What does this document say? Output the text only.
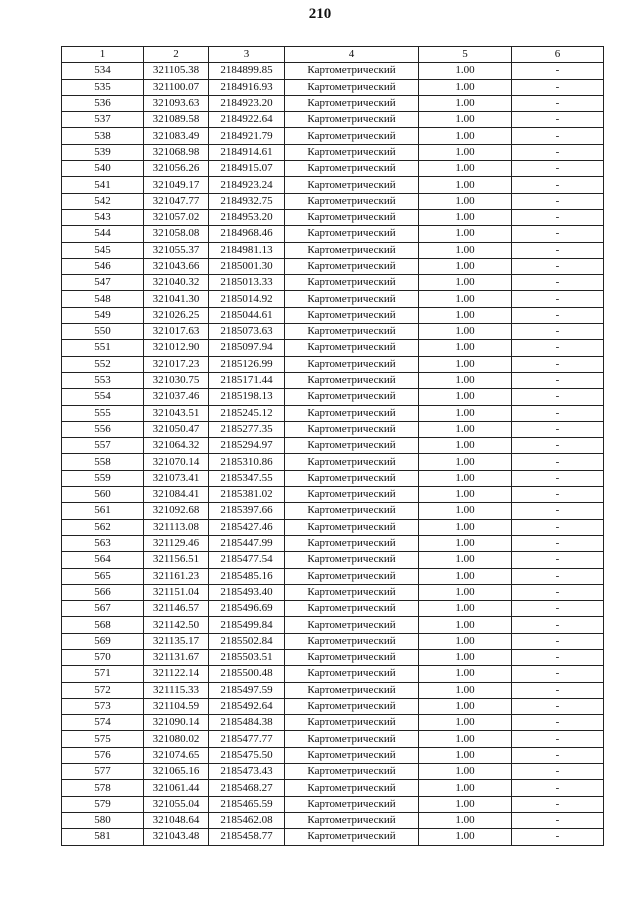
210
1	2	3	4	5	6
534	321105.38	2184899.85	Картометрический	1.00	-
535	321100.07	2184916.93	Картометрический	1.00	-
536	321093.63	2184923.20	Картометрический	1.00	-
537	321089.58	2184922.64	Картометрический	1.00	-
538	321083.49	2184921.79	Картометрический	1.00	-
539	321068.98	2184914.61	Картометрический	1.00	-
540	321056.26	2184915.07	Картометрический	1.00	-
541	321049.17	2184923.24	Картометрический	1.00	-
542	321047.77	2184932.75	Картометрический	1.00	-
543	321057.02	2184953.20	Картометрический	1.00	-
544	321058.08	2184968.46	Картометрический	1.00	-
545	321055.37	2184981.13	Картометрический	1.00	-
546	321043.66	2185001.30	Картометрический	1.00	-
547	321040.32	2185013.33	Картометрический	1.00	-
548	321041.30	2185014.92	Картометрический	1.00	-
549	321026.25	2185044.61	Картометрический	1.00	-
550	321017.63	2185073.63	Картометрический	1.00	-
551	321012.90	2185097.94	Картометрический	1.00	-
552	321017.23	2185126.99	Картометрический	1.00	-
553	321030.75	2185171.44	Картометрический	1.00	-
554	321037.46	2185198.13	Картометрический	1.00	-
555	321043.51	2185245.12	Картометрический	1.00	-
556	321050.47	2185277.35	Картометрический	1.00	-
557	321064.32	2185294.97	Картометрический	1.00	-
558	321070.14	2185310.86	Картометрический	1.00	-
559	321073.41	2185347.55	Картометрический	1.00	-
560	321084.41	2185381.02	Картометрический	1.00	-
561	321092.68	2185397.66	Картометрический	1.00	-
562	321113.08	2185427.46	Картометрический	1.00	-
563	321129.46	2185447.99	Картометрический	1.00	-
564	321156.51	2185477.54	Картометрический	1.00	-
565	321161.23	2185485.16	Картометрический	1.00	-
566	321151.04	2185493.40	Картометрический	1.00	-
567	321146.57	2185496.69	Картометрический	1.00	-
568	321142.50	2185499.84	Картометрический	1.00	-
569	321135.17	2185502.84	Картометрический	1.00	-
570	321131.67	2185503.51	Картометрический	1.00	-
571	321122.14	2185500.48	Картометрический	1.00	-
572	321115.33	2185497.59	Картометрический	1.00	-
573	321104.59	2185492.64	Картометрический	1.00	-
574	321090.14	2185484.38	Картометрический	1.00	-
575	321080.02	2185477.77	Картометрический	1.00	-
576	321074.65	2185475.50	Картометрический	1.00	-
577	321065.16	2185473.43	Картометрический	1.00	-
578	321061.44	2185468.27	Картометрический	1.00	-
579	321055.04	2185465.59	Картометрический	1.00	-
580	321048.64	2185462.08	Картометрический	1.00	-
581	321043.48	2185458.77	Картометрический	1.00	-
